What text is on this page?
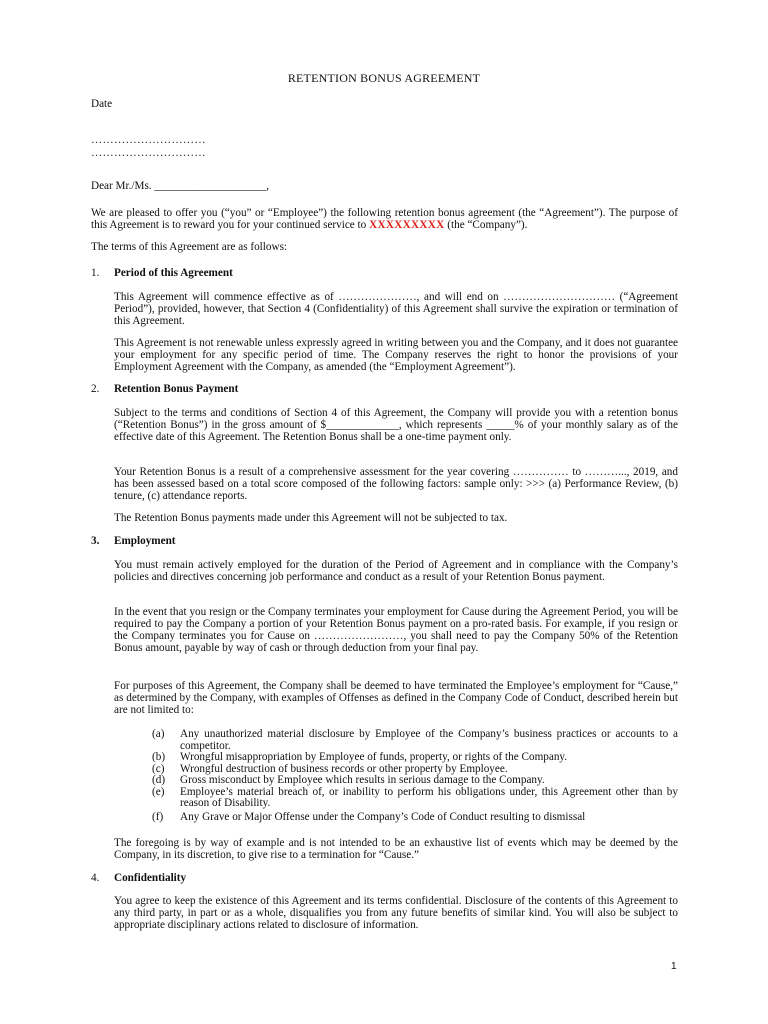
RETENTION BONUS AGREEMENT
Date
…………………………
…………………………
Dear Mr./Ms. ____________________,
We are pleased to offer you (“you” or “Employee”) the following retention bonus agreement (the “Agreement”). The purpose of this Agreement is to reward you for your continued service to XXXXXXXXX (the “Company”).
The terms of this Agreement are as follows:
1. Period of this Agreement
This Agreement will commence effective as of …………………, and will end on ………………………… (“Agreement Period”), provided, however, that Section 4 (Confidentiality) of this Agreement shall survive the expiration or termination of this Agreement.
This Agreement is not renewable unless expressly agreed in writing between you and the Company, and it does not guarantee your employment for any specific period of time. The Company reserves the right to honor the provisions of your Employment Agreement with the Company, as amended (the “Employment Agreement”).
2. Retention Bonus Payment
Subject to the terms and conditions of Section 4 of this Agreement, the Company will provide you with a retention bonus (“Retention Bonus”) in the gross amount of $_____________, which represents _____% of your monthly salary as of the effective date of this Agreement. The Retention Bonus shall be a one-time payment only.
Your Retention Bonus is a result of a comprehensive assessment for the year covering …………… to ………..., 2019, and has been assessed based on a total score composed of the following factors: sample only: >>> (a) Performance Review, (b) tenure, (c) attendance reports.
The Retention Bonus payments made under this Agreement will not be subjected to tax.
3. Employment
You must remain actively employed for the duration of the Period of Agreement and in compliance with the Company’s policies and directives concerning job performance and conduct as a result of your Retention Bonus payment.
In the event that you resign or the Company terminates your employment for Cause during the Agreement Period, you will be required to pay the Company a portion of your Retention Bonus payment on a pro-rated basis. For example, if you resign or the Company terminates you for Cause on ……………………, you shall need to pay the Company 50% of the Retention Bonus amount, payable by way of cash or through deduction from your final pay.
For purposes of this Agreement, the Company shall be deemed to have terminated the Employee’s employment for “Cause,” as determined by the Company, with examples of Offenses as defined in the Company Code of Conduct, described herein but are not limited to:
(a)	Any unauthorized material disclosure by Employee of the Company’s business practices or accounts to a competitor.
(b)	Wrongful misappropriation by Employee of funds, property, or rights of the Company.
(c)	Wrongful destruction of business records or other property by Employee.
(d)	Gross misconduct by Employee which results in serious damage to the Company.
(e)	Employee’s material breach of, or inability to perform his obligations under, this Agreement other than by reason of Disability.
(f)	Any Grave or Major Offense under the Company’s Code of Conduct resulting to dismissal
The foregoing is by way of example and is not intended to be an exhaustive list of events which may be deemed by the Company, in its discretion, to give rise to a termination for “Cause.”
4. Confidentiality
You agree to keep the existence of this Agreement and its terms confidential. Disclosure of the contents of this Agreement to any third party, in part or as a whole, disqualifies you from any future benefits of similar kind. You will also be subject to appropriate disciplinary actions related to disclosure of information.
1
